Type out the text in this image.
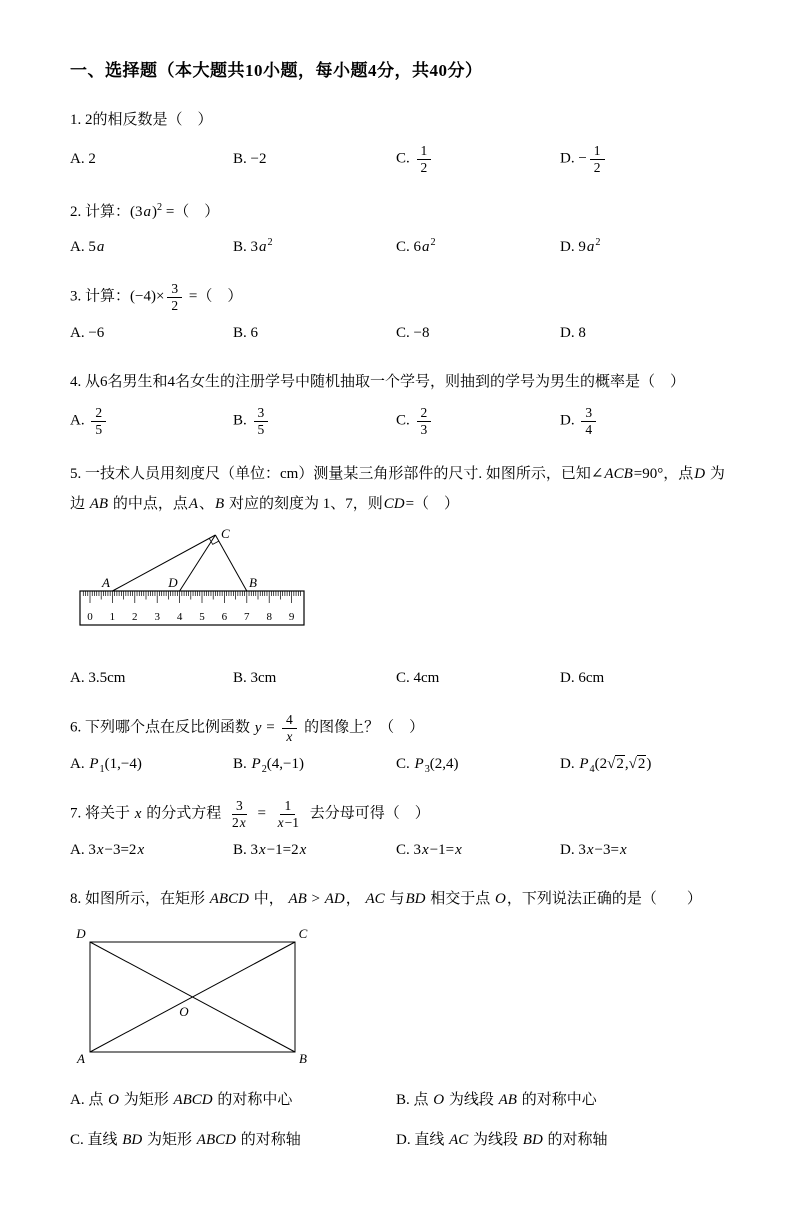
一、选择题（本大题共10小题，每小题4分，共40分）

1. 2的相反数是（　）

A. 2	B. −2	C. $\frac{1}{2}$	D. − $\frac{1}{2}$

2. 计算：$(3a)^2$ =（　）

A. 5a	B. $3a^2$	C. $6a^2$	D. $9a^2$

3. 计算：$(-4)\times \frac{3}{2}$ =（　）

A. −6	B. 6	C. −8	D. 8

4. 从6名男生和4名女生的注册学号中随机抽取一个学号，则抽到的学号为男生的概率是（　）

A. $\frac{2}{5}$	B. $\frac{3}{5}$	C. $\frac{2}{3}$	D. $\frac{3}{4}$

5. 一技术人员用刻度尺（单位：cm）测量某三角形部件的尺寸. 如图所示，已知∠ACB=90°，点D 为边 AB 的中点，点A、B 对应的刻度为 1、7，则CD=（　）

0 1 2 3 4 5 6 7 8 9
A	D	B
C
A. 3.5cm	B. 3cm	C. 4cm	D. 6cm

6. 下列哪个点在反比例函数 $y = \frac{4}{x}$ 的图像上？（　）

A. $P_1(1,-4)$	B. $P_2(4,-1)$	C. $P_3(2,4)$	D. $P_4(2√2,√2)$

7. 将关于 x 的分式方程 $\frac{3}{2x} = \frac{1}{x-1}$ 去分母可得（　）

A. 3x−3=2x	B. 3x−1=2x	C. 3x−1=x	D. 3x−3=x

8. 如图所示，在矩形 ABCD 中， AB > AD， AC 与BD 相交于点 O，下列说法正确的是（　　）

D	C
A	B
O
A. 点 O 为矩形 ABCD 的对称中心	B. 点 O 为线段 AB 的对称中心
C. 直线 BD 为矩形 ABCD 的对称轴	D. 直线 AC 为线段 BD 的对称轴
